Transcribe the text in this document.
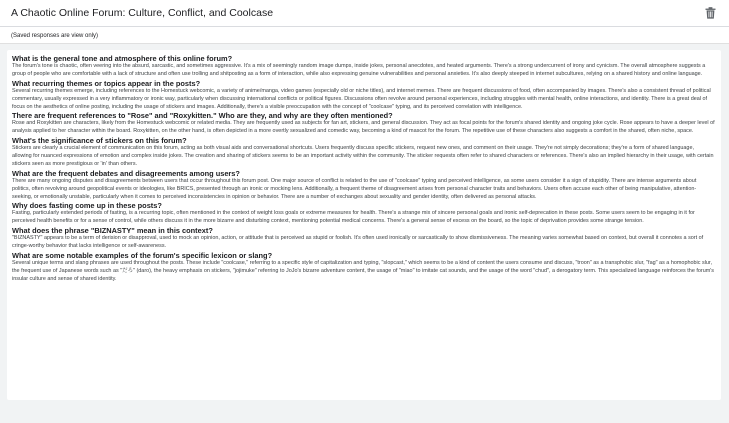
A Chaotic Online Forum: Culture, Conflict, and Coolcase
(Saved responses are view only)
What is the general tone and atmosphere of this online forum?
The forum's tone is chaotic, often veering into the absurd, sarcastic, and sometimes aggressive. It's a mix of seemingly random image dumps, inside jokes, personal anecdotes, and heated arguments. There's a strong undercurrent of irony and cynicism. The overall atmosphere suggests a group of people who are comfortable with a lack of structure and often use trolling and shitposting as a form of interaction, while also expressing genuine vulnerabilities and personal anxieties. It's also deeply steeped in internet subcultures, relying on a shared history and online language.
What recurring themes or topics appear in the posts?
Several recurring themes emerge, including references to the Homestuck webcomic, a variety of anime/manga, video games (especially old or niche titles), and internet memes. There are frequent discussions of food, often accompanied by images. There's also a consistent thread of political commentary, usually expressed in a very inflammatory or ironic way, particularly when discussing international conflicts or political figures. Discussions often revolve around personal experiences, including struggles with mental health, online interactions, and identity. There is a great deal of focus on the aesthetics of online posting, including the usage of stickers and images. Additionally, there's a visible preoccupation with the concept of "coolcase" typing, and its perceived correlation with intelligence.
There are frequent references to "Rose" and "Roxykitten." Who are they, and why are they often mentioned?
Rose and Roxykitten are characters, likely from the Homestuck webcomic or related media. They are frequently used as subjects for fan art, stickers, and general discussion. They act as focal points for the forum's shared identity and ongoing joke cycle. Rose appears to have a deeper level of analysis applied to her character within the board. Roxykitten, on the other hand, is often depicted in a more overtly sexualized and comedic way, becoming a kind of mascot for the forum. The repetitive use of these characters also suggests a comfort in the shared, often niche, space.
What's the significance of stickers on this forum?
Stickers are clearly a crucial element of communication on this forum, acting as both visual aids and conversational shortcuts. Users frequently discuss specific stickers, request new ones, and comment on their usage. They're not simply decorations; they're a form of shared language, allowing for nuanced expressions of emotion and complex inside jokes. The creation and sharing of stickers seems to be an important activity within the community. The sticker requests often refer to shared characters or references. There's also an implied hierarchy in their usage, with certain stickers seen as more prestigious or 'in' than others.
What are the frequent debates and disagreements among users?
There are many ongoing disputes and disagreements between users that occur throughout this forum post. One major source of conflict is related to the use of "coolcase" typing and perceived intelligence, as some users consider it a sign of stupidity. There are intense arguments about politics, often revolving around geopolitical events or ideologies, like BRICS, presented through an ironic or mocking lens. Additionally, a frequent theme of disagreement arises from personal character traits and behaviors. Users often accuse each other of being manipulative, attention-seeking, or emotionally unstable, particularly when it comes to perceived inconsistencies in opinion or behavior. There are a number of exchanges about sexuality and gender identity, often delivered as personal attacks.
Why does fasting come up in these posts?
Fasting, particularly extended periods of fasting, is a recurring topic, often mentioned in the context of weight loss goals or extreme measures for health. There's a strange mix of sincere personal goals and ironic self-deprecation in these posts. Some users seem to be engaging in it for perceived health benefits or for a sense of control, while others discuss it in the more bizarre and disturbing context, mentioning potential medical concerns. There's a general sense of excess on the board, so the topic of deprivation provides some strange tension.
What does the phrase "BIZNASTY" mean in this context?
"BIZNASTY" appears to be a term of derision or disapproval, used to mock an opinion, action, or attitude that is perceived as stupid or foolish. It's often used ironically or sarcastically to show dismissiveness. The meaning varies somewhat based on context, but overall it connotes a sort of cringe-worthy behavior that lacks intelligence or self-awareness.
What are some notable examples of the forum's specific lexicon or slang?
Several unique terms and slang phrases are used throughout the posts. These include "coolcase," referring to a specific style of capitalization and typing, "slopcast," which seems to be a kind of content the users consume and discuss, "troon" as a transphobic slur, "fag" as a homophobic slur, the frequent use of Japanese words such as "だろ" (daro), the heavy emphasis on stickers, "jojimuke" referring to JoJo's bizarre adventure content, the usage of "miao" to imitate cat sounds, and the usage of the word "chud", a derogatory term. This specialized language reinforces the forum's insular culture and sense of shared identity.
